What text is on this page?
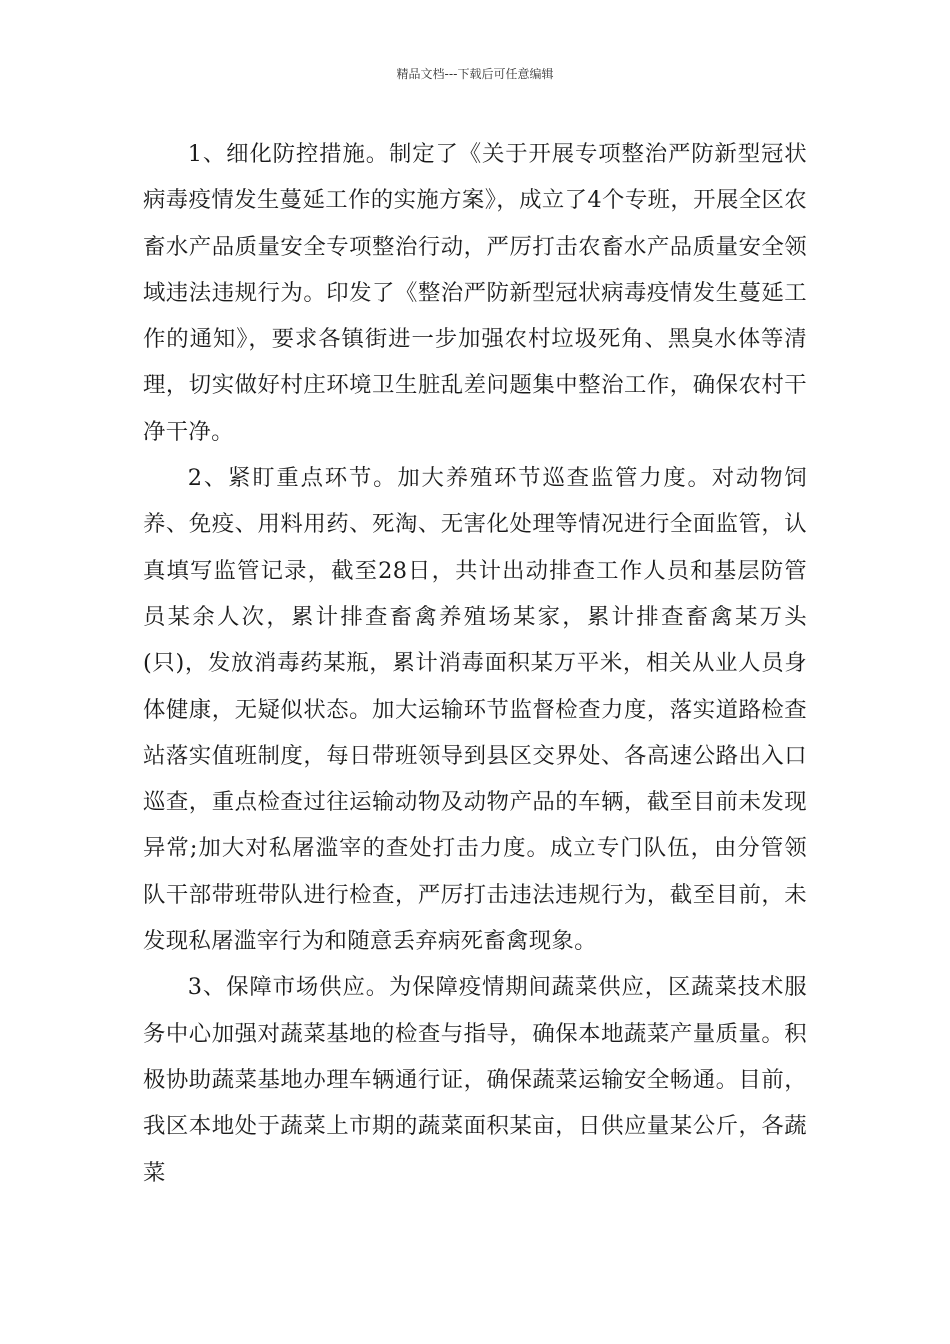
精品文档---下载后可任意编辑

1、细化防控措施。制定了《关于开展专项整治严防新型冠状病毒疫情发生蔓延工作的实施方案》，成立了4个专班，开展全区农畜水产品质量安全专项整治行动，严厉打击农畜水产品质量安全领域违法违规行为。印发了《整治严防新型冠状病毒疫情发生蔓延工作的通知》，要求各镇街进一步加强农村垃圾死角、黑臭水体等清理，切实做好村庄环境卫生脏乱差问题集中整治工作，确保农村干净干净。

2、紧盯重点环节。加大养殖环节巡查监管力度。对动物饲养、免疫、用料用药、死淘、无害化处理等情况进行全面监管，认真填写监管记录，截至28日，共计出动排查工作人员和基层防管员某余人次，累计排查畜禽养殖场某家，累计排查畜禽某万头(只)，发放消毒药某瓶，累计消毒面积某万平米，相关从业人员身体健康，无疑似状态。加大运输环节监督检查力度，落实道路检查站落实值班制度，每日带班领导到县区交界处、各高速公路出入口巡查，重点检查过往运输动物及动物产品的车辆，截至目前未发现异常;加大对私屠滥宰的查处打击力度。成立专门队伍，由分管领队干部带班带队进行检查，严厉打击违法违规行为，截至目前，未发现私屠滥宰行为和随意丢弃病死畜禽现象。

3、保障市场供应。为保障疫情期间蔬菜供应，区蔬菜技术服务中心加强对蔬菜基地的检查与指导，确保本地蔬菜产量质量。积极协助蔬菜基地办理车辆通行证，确保蔬菜运输安全畅通。目前，我区本地处于蔬菜上市期的蔬菜面积某亩，日供应量某公斤，各蔬菜
